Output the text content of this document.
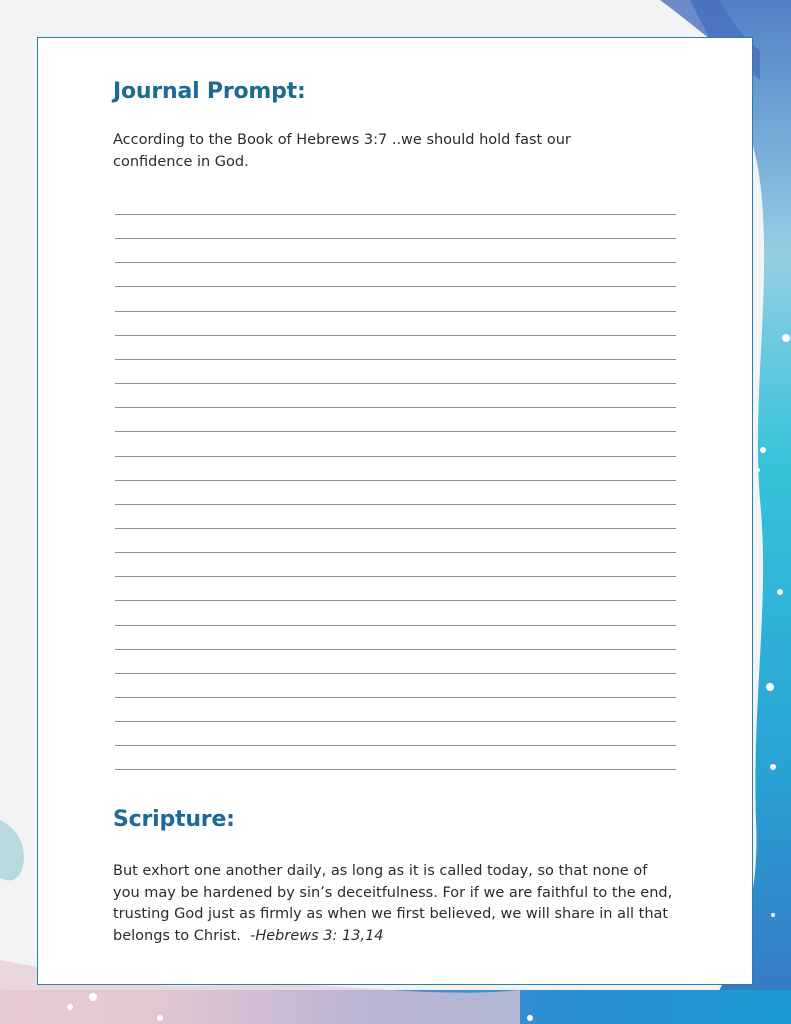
Journal Prompt:

According to the Book of Hebrews 3:7 ..we should hold fast our confidence in God.

Scripture:

But exhort one another daily, as long as it is called today, so that none of you may be hardened by sin’s deceitfulness. For if we are faithful to the end, trusting God just as firmly as when we first believed, we will share in all that belongs to Christ. -Hebrews 3: 13,14
